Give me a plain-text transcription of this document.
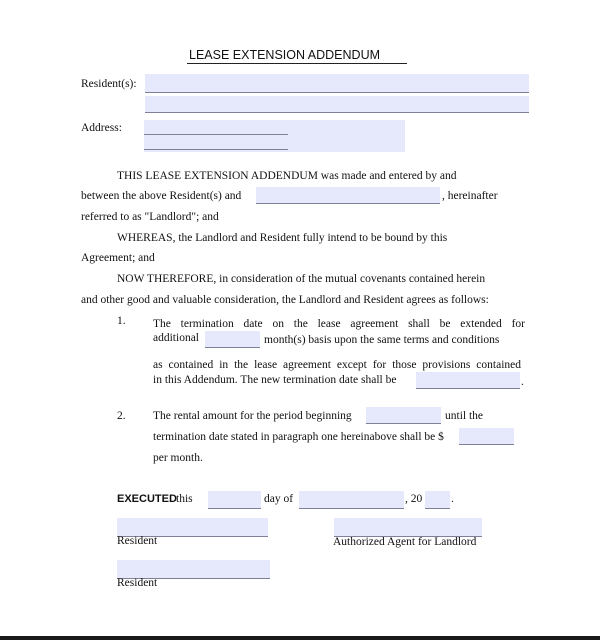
LEASE EXTENSION ADDENDUM
Resident(s):
Address:
THIS LEASE EXTENSION ADDENDUM was made and entered by and
between the above Resident(s) and	, hereinafter
referred to as "Landlord"; and
WHEREAS, the Landlord and Resident fully intend to be bound by this
Agreement; and
NOW THEREFORE, in consideration of the mutual covenants contained herein
and other good and valuable consideration, the Landlord and Resident agrees as follows:
1. The termination date on the lease agreement shall be extended for
additional	month(s) basis upon the same terms and conditions
as contained in the lease agreement except for those provisions contained
in this Addendum. The new termination date shall be	.
2. The rental amount for the period beginning	until the
termination date stated in paragraph one hereinabove shall be $
per month.
EXECUTED this	day of	, 20	.
Resident	Authorized Agent for Landlord
Resident
